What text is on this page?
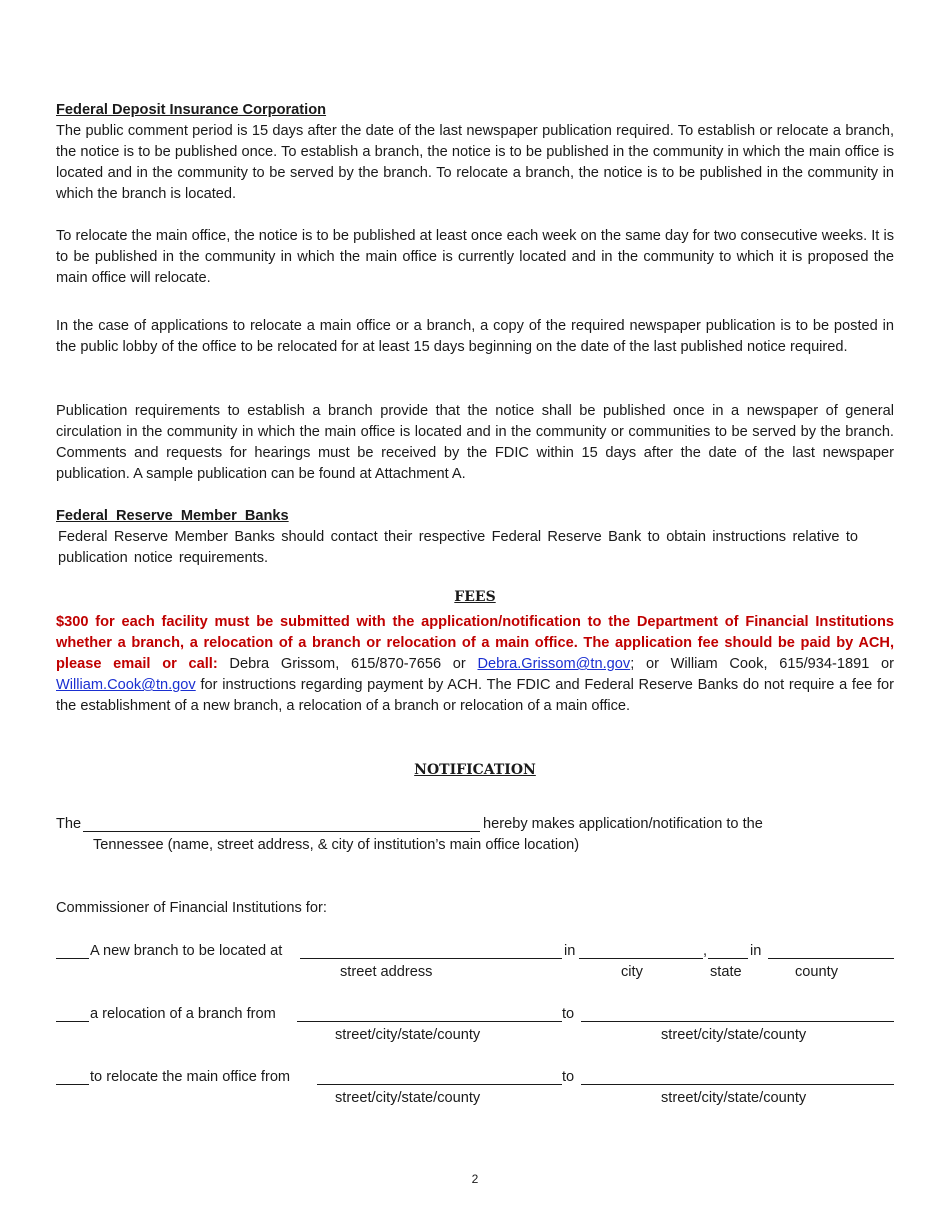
Federal Deposit Insurance Corporation
The public comment period is 15 days after the date of the last newspaper publication required. To establish or relocate a branch, the notice is to be published once. To establish a branch, the notice is to be published in the community in which the main office is located and in the community to be served by the branch. To relocate a branch, the notice is to be published in the community in which the branch is located.
To relocate the main office, the notice is to be published at least once each week on the same day for two consecutive weeks. It is to be published in the community in which the main office is currently located and in the community to which it is proposed the main office will relocate.
In the case of applications to relocate a main office or a branch, a copy of the required newspaper publication is to be posted in the public lobby of the office to be relocated for at least 15 days beginning on the date of the last published notice required.
Publication requirements to establish a branch provide that the notice shall be published once in a newspaper of general circulation in the community in which the main office is located and in the community or communities to be served by the branch. Comments and requests for hearings must be received by the FDIC within 15 days after the date of the last newspaper publication. A sample publication can be found at Attachment A.
Federal Reserve Member Banks
Federal Reserve Member Banks should contact their respective Federal Reserve Bank to obtain instructions relative to publication notice requirements.
FEES
$300 for each facility must be submitted with the application/notification to the Department of Financial Institutions whether a branch, a relocation of a branch or relocation of a main office. The application fee should be paid by ACH, please email or call: Debra Grissom, 615/870-7656 or Debra.Grissom@tn.gov; or William Cook, 615/934-1891 or William.Cook@tn.gov for instructions regarding payment by ACH. The FDIC and Federal Reserve Banks do not require a fee for the establishment of a new branch, a relocation of a branch or relocation of a main office.
NOTIFICATION
The	hereby makes application/notification to the
Tennessee (name, street address, & city of institution’s main office location)
Commissioner of Financial Institutions for:
A new branch to be located at	in	,	in
street address	city	state	county
a relocation of a branch from	to
street/city/state/county	street/city/state/county
to relocate the main office from	to
street/city/state/county	street/city/state/county
2
